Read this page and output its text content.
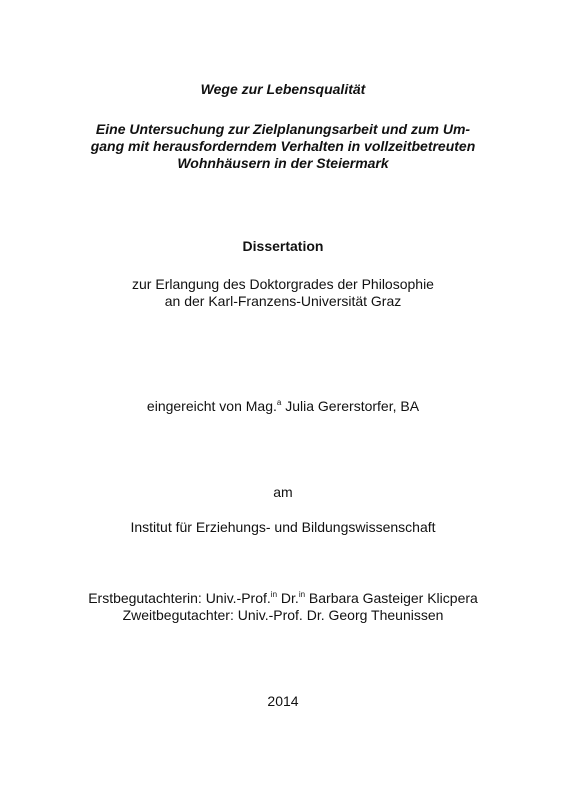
Wege zur Lebensqualität
Eine Untersuchung zur Zielplanungsarbeit und zum Um-
gang mit herausforderndem Verhalten in vollzeitbetreuten
Wohnhäusern in der Steiermark
Dissertation
zur Erlangung des Doktorgrades der Philosophie
an der Karl-Franzens-Universität Graz
eingereicht von Mag.$^a$ Julia Gererstorfer, BA
am
Institut für Erziehungs- und Bildungswissenschaft
Erstbegutachterin: Univ.-Prof.$^{in}$ Dr.$^{in}$ Barbara Gasteiger Klicpera
Zweitbegutachter: Univ.-Prof. Dr. Georg Theunissen
2014
